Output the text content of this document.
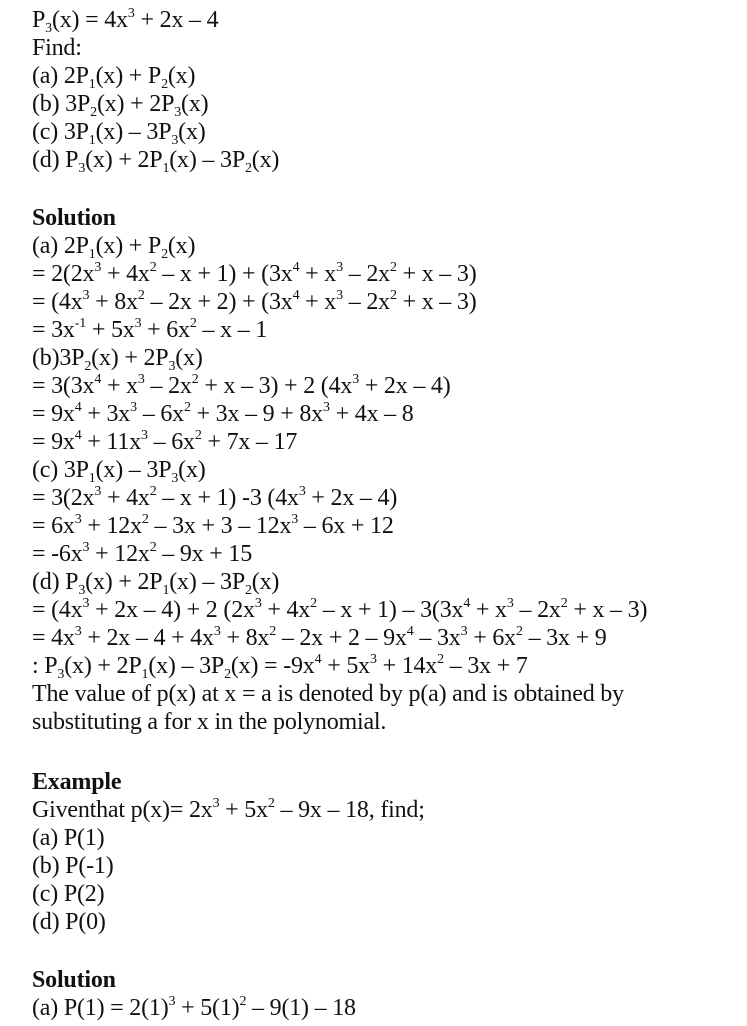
$P_3(x) = 4x^3 + 2x - 4$
Find:
(a) $2P_1(x) + P_2(x)$
(b) $3P_2(x) + 2P_3(x)$
(c) $3P_1(x) - 3P_3(x)$
(d) $P_3(x) + 2P_1(x) - 3P_2(x)$
Solution
(a) $2P_1(x) + P_2(x)$
= $2(2x^3 + 4x^2 - x + 1) + (3x^4 + x^3 - 2x^2 + x - 3)$
= $(4x^3 + 8x^2 - 2x + 2) + (3x^4 + x^3 - 2x^2 + x - 3)$
= $3x^{-1} + 5x^3 + 6x^2 - x - 1$
$(b)3P_2(x) + 2P_3(x)$
= $3(3x^4 + x^3 - 2x^2 + x - 3) + 2$ $(4x^3 + 2x - 4)$
= $9x^4 + 3x^3 - 6x^2 + 3x - 9 + 8x^3 + 4x - 8$
= $9x^4 + 11x^3 - 6x^2 + 7x - 17$
(c) $3P_1(x) - 3P_3(x)$
= $3(2x^3 + 4x^2 - x + 1)$ -3 $(4x^3 + 2x - 4)$
= $6x^3 + 12x^2 - 3x + 3 - 12x^3 - 6x + 12$
= $-6x^3 + 12x^2 - 9x + 15$
(d) $P_3(x) + 2P_1(x) - 3P_2(x)$
= $(4x^3 + 2x - 4) + 2$ $(2x^3 + 4x^2 - x + 1) - 3(3x^4 + x^3 - 2x^2 + x - 3)$
= $4x^3 + 2x - 4 + 4x^3 + 8x^2 - 2x + 2 - 9x^4 - 3x^3 + 6x^2 - 3x + 9$
: $P_3(x) + 2P_1(x) - 3P_2(x) = -9x^4 + 5x^3 + 14x^2 - 3x + 7$
The value of p(x) at x = a is denoted by p(a) and is obtained by
substituting a for x in the polynomial.
Example
Giventhat $p(x)= 2x^3 + 5x^2 - 9x - 18$, find;
(a) P(1)
(b) P(-1)
(c) P(2)
(d) P(0)
Solution
(a) $P(1) = 2(1)^3 + 5(1)^2 - 9(1) - 18$
